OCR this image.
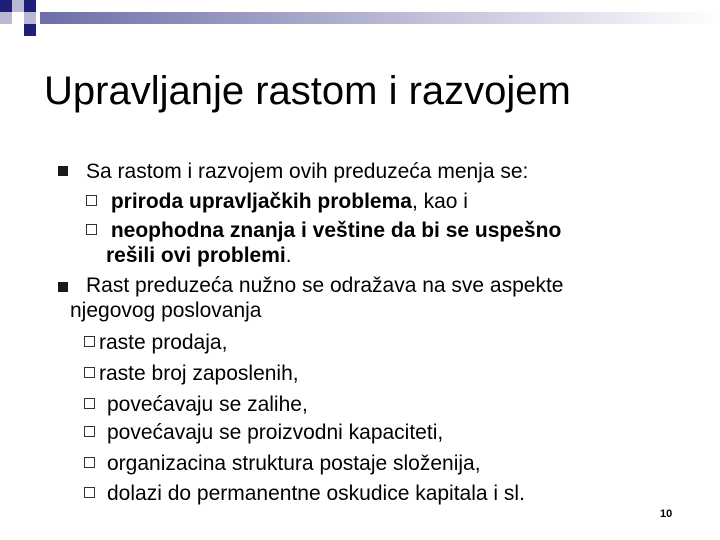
Upravljanje rastom i razvojem
Sa rastom i razvojem ovih preduzeća menja se:
priroda upravljačkih problema, kao i
neophodna znanja i veštine da bi se uspešno
rešili ovi problemi.
Rast preduzeća nužno se odražava na sve aspekte
njegovog poslovanja
raste prodaja,
raste broj zaposlenih,
povećavaju se zalihe,
povećavaju se proizvodni kapaciteti,
organizacina struktura postaje složenija,
dolazi do permanentne oskudice kapitala i sl.
10
